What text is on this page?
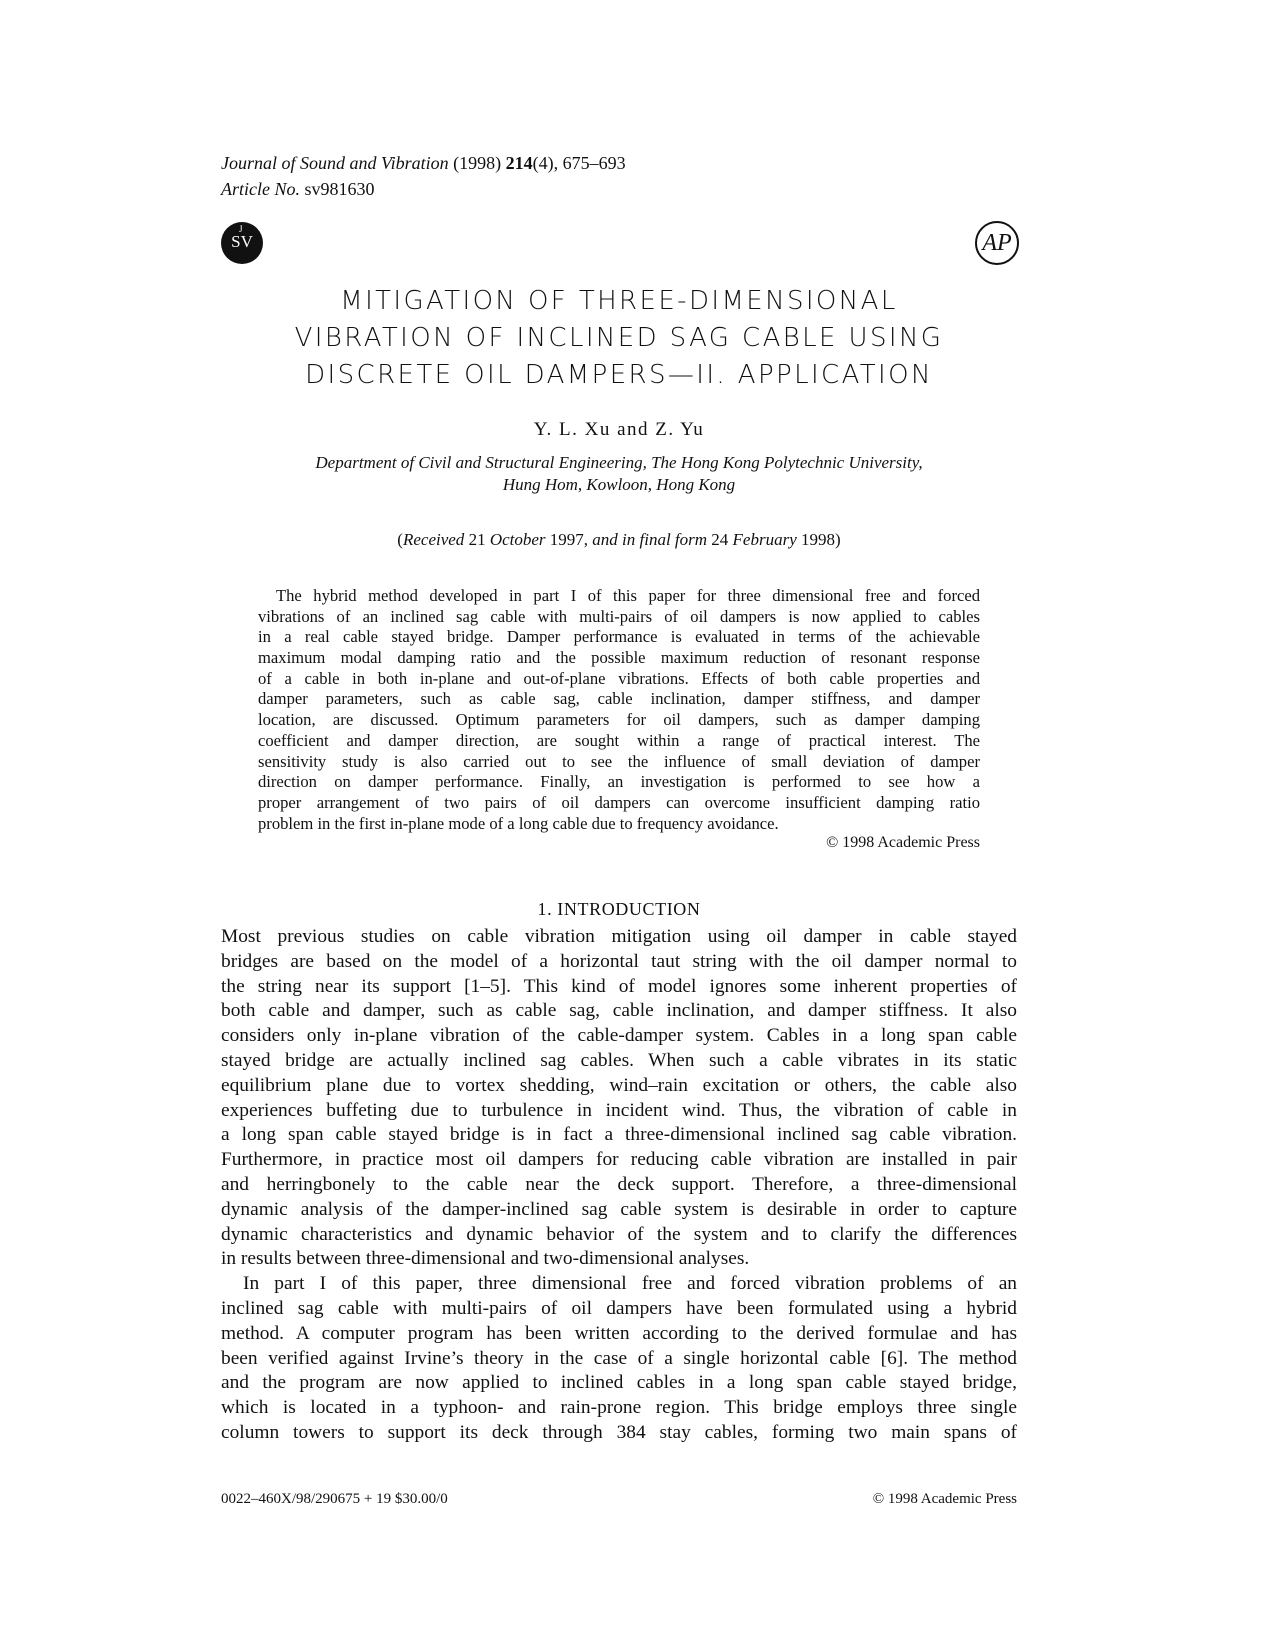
Journal of Sound and Vibration (1998) 214(4), 675–693
Article No. sv981630
J
SV	AP
MITIGATION OF THREE-DIMENSIONAL
VIBRATION OF INCLINED SAG CABLE USING
DISCRETE OIL DAMPERS—II. APPLICATION
Y. L. Xu and Z. Yu
Department of Civil and Structural Engineering, The Hong Kong Polytechnic University,
Hung Hom, Kowloon, Hong Kong
(Received 21 October 1997, and in final form 24 February 1998)
The hybrid method developed in part I of this paper for three dimensional free and forced
vibrations of an inclined sag cable with multi-pairs of oil dampers is now applied to cables
in a real cable stayed bridge. Damper performance is evaluated in terms of the achievable
maximum modal damping ratio and the possible maximum reduction of resonant response
of a cable in both in-plane and out-of-plane vibrations. Effects of both cable properties and
damper parameters, such as cable sag, cable inclination, damper stiffness, and damper
location, are discussed. Optimum parameters for oil dampers, such as damper damping
coefficient and damper direction, are sought within a range of practical interest. The
sensitivity study is also carried out to see the influence of small deviation of damper
direction on damper performance. Finally, an investigation is performed to see how a
proper arrangement of two pairs of oil dampers can overcome insufficient damping ratio
problem in the first in-plane mode of a long cable due to frequency avoidance.
© 1998 Academic Press
1. INTRODUCTION
Most previous studies on cable vibration mitigation using oil damper in cable stayed
bridges are based on the model of a horizontal taut string with the oil damper normal to
the string near its support [1–5]. This kind of model ignores some inherent properties of
both cable and damper, such as cable sag, cable inclination, and damper stiffness. It also
considers only in-plane vibration of the cable-damper system. Cables in a long span cable
stayed bridge are actually inclined sag cables. When such a cable vibrates in its static
equilibrium plane due to vortex shedding, wind–rain excitation or others, the cable also
experiences buffeting due to turbulence in incident wind. Thus, the vibration of cable in
a long span cable stayed bridge is in fact a three-dimensional inclined sag cable vibration.
Furthermore, in practice most oil dampers for reducing cable vibration are installed in pair
and herringbonely to the cable near the deck support. Therefore, a three-dimensional
dynamic analysis of the damper-inclined sag cable system is desirable in order to capture
dynamic characteristics and dynamic behavior of the system and to clarify the differences
in results between three-dimensional and two-dimensional analyses.
In part I of this paper, three dimensional free and forced vibration problems of an
inclined sag cable with multi-pairs of oil dampers have been formulated using a hybrid
method. A computer program has been written according to the derived formulae and has
been verified against Irvine’s theory in the case of a single horizontal cable [6]. The method
and the program are now applied to inclined cables in a long span cable stayed bridge,
which is located in a typhoon- and rain-prone region. This bridge employs three single
column towers to support its deck through 384 stay cables, forming two main spans of
0022–460X/98/290675 + 19 $30.00/0	© 1998 Academic Press
